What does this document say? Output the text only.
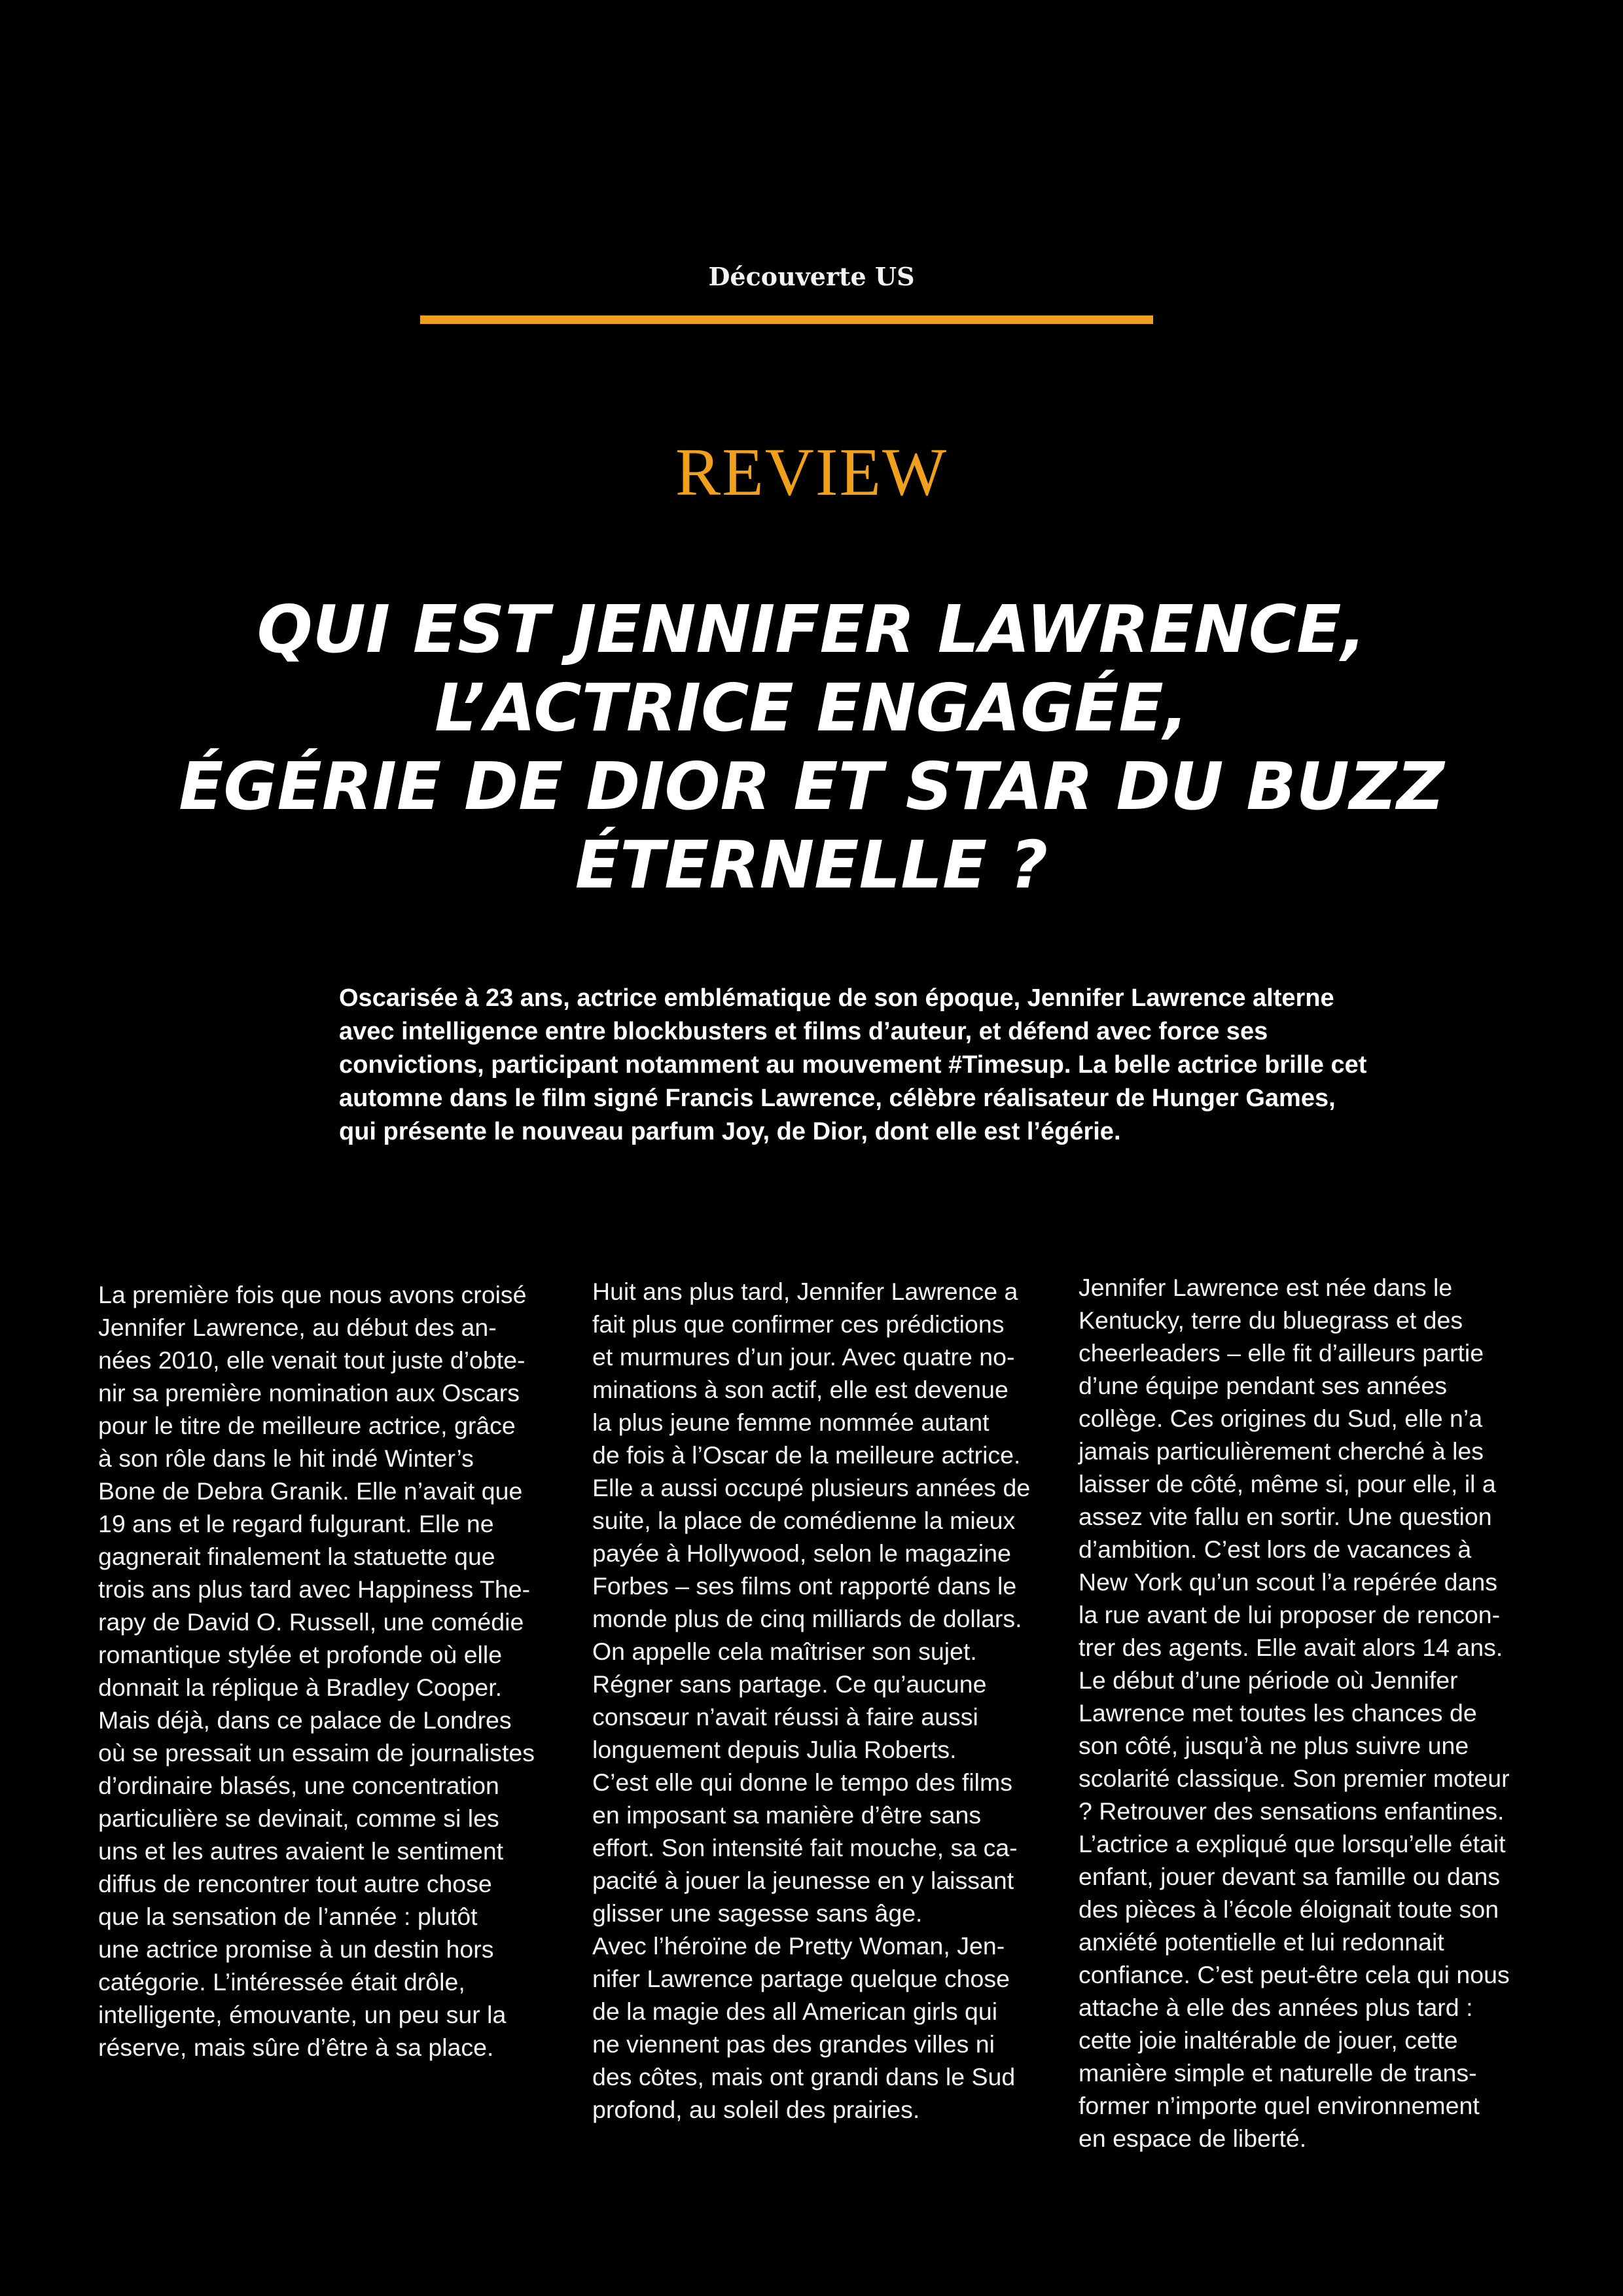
Découverte US
REVIEW
QUI EST JENNIFER LAWRENCE,
L’ACTRICE ENGAGÉE,
ÉGÉRIE DE DIOR ET STAR DU BUZZ
ÉTERNELLE ?

Oscarisée à 23 ans, actrice emblématique de son époque, Jennifer Lawrence alterne avec intelligence entre blockbusters et films d’auteur, et défend avec force ses convictions, participant notamment au mouvement #Timesup. La belle actrice brille cet automne dans le film signé Francis Lawrence, célèbre réalisateur de Hunger Games, qui présente le nouveau parfum Joy, de Dior, dont elle est l’égérie.

La première fois que nous avons croisé
Jennifer Lawrence, au début des an-
nées 2010, elle venait tout juste d’obte-
nir sa première nomination aux Oscars
pour le titre de meilleure actrice, grâce
à son rôle dans le hit indé Winter’s
Bone de Debra Granik. Elle n’avait que
19 ans et le regard fulgurant. Elle ne
gagnerait finalement la statuette que
trois ans plus tard avec Happiness The-
rapy de David O. Russell, une comédie
romantique stylée et profonde où elle
donnait la réplique à Bradley Cooper.
Mais déjà, dans ce palace de Londres
où se pressait un essaim de journalistes
d’ordinaire blasés, une concentration
particulière se devinait, comme si les
uns et les autres avaient le sentiment
diffus de rencontrer tout autre chose
que la sensation de l’année : plutôt
une actrice promise à un destin hors
catégorie. L’intéressée était drôle,
intelligente, émouvante, un peu sur la
réserve, mais sûre d’être à sa place.

Huit ans plus tard, Jennifer Lawrence a
fait plus que confirmer ces prédictions
et murmures d’un jour. Avec quatre no-
minations à son actif, elle est devenue
la plus jeune femme nommée autant
de fois à l’Oscar de la meilleure actrice.
Elle a aussi occupé plusieurs années de
suite, la place de comédienne la mieux
payée à Hollywood, selon le magazine
Forbes – ses films ont rapporté dans le
monde plus de cinq milliards de dollars.
On appelle cela maîtriser son sujet.
Régner sans partage. Ce qu’aucune
consœur n’avait réussi à faire aussi
longuement depuis Julia Roberts.
C’est elle qui donne le tempo des films
en imposant sa manière d’être sans
effort. Son intensité fait mouche, sa ca-
pacité à jouer la jeunesse en y laissant
glisser une sagesse sans âge.
Avec l’héroïne de Pretty Woman, Jen-
nifer Lawrence partage quelque chose
de la magie des all American girls qui
ne viennent pas des grandes villes ni
des côtes, mais ont grandi dans le Sud
profond, au soleil des prairies.

Jennifer Lawrence est née dans le
Kentucky, terre du bluegrass et des
cheerleaders – elle fit d’ailleurs partie
d’une équipe pendant ses années
collège. Ces origines du Sud, elle n’a
jamais particulièrement cherché à les
laisser de côté, même si, pour elle, il a
assez vite fallu en sortir. Une question
d’ambition. C’est lors de vacances à
New York qu’un scout l’a repérée dans
la rue avant de lui proposer de rencon-
trer des agents. Elle avait alors 14 ans.
Le début d’une période où Jennifer
Lawrence met toutes les chances de
son côté, jusqu’à ne plus suivre une
scolarité classique. Son premier moteur
? Retrouver des sensations enfantines.
L’actrice a expliqué que lorsqu’elle était
enfant, jouer devant sa famille ou dans
des pièces à l’école éloignait toute son
anxiété potentielle et lui redonnait
confiance. C’est peut-être cela qui nous
attache à elle des années plus tard :
cette joie inaltérable de jouer, cette
manière simple et naturelle de trans-
former n’importe quel environnement
en espace de liberté.
